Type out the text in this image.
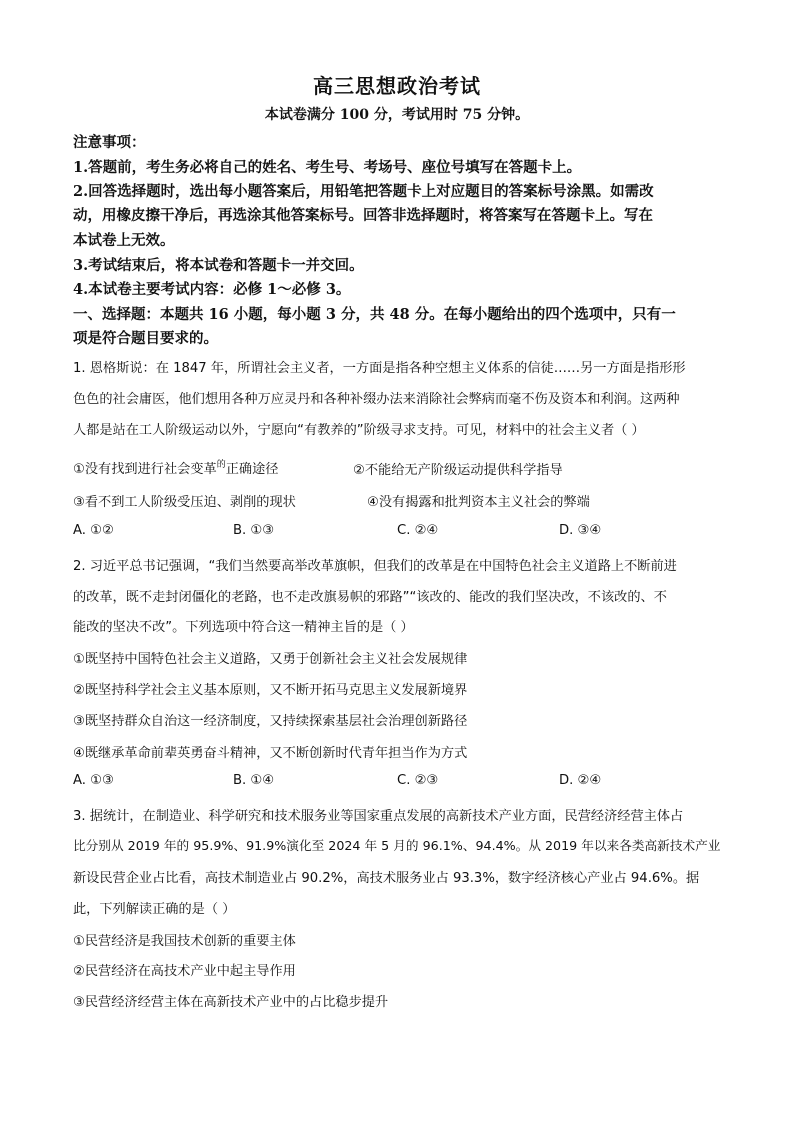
高三思想政治考试
本试卷满分 100 分，考试用时 75 分钟。
注意事项：
1.答题前，考生务必将自己的姓名、考生号、考场号、座位号填写在答题卡上。
2.回答选择题时，选出每小题答案后，用铅笔把答题卡上对应题目的答案标号涂黑。如需改
动，用橡皮擦干净后，再选涂其他答案标号。回答非选择题时，将答案写在答题卡上。写在
本试卷上无效。
3.考试结束后，将本试卷和答题卡一并交回。
4.本试卷主要考试内容：必修 1～必修 3。
一、选择题：本题共 16 小题，每小题 3 分，共 48 分。在每小题给出的四个选项中，只有一
项是符合题目要求的。
1. 恩格斯说：在 1847 年，所谓社会主义者，一方面是指各种空想主义体系的信徒……另一方面是指形形
色色的社会庸医，他们想用各种万应灵丹和各种补缀办法来消除社会弊病而毫不伤及资本和利润。这两种
人都是站在工人阶级运动以外，宁愿向“有教养的”阶级寻求支持。可见，材料中的社会主义者（ ）
①没有找到进行社会变革$^的$正确途径	②不能给无产阶级运动提供科学指导
③看不到工人阶级受压迫、剥削的现状	④没有揭露和批判资本主义社会的弊端
A. ①②	B. ①③	C. ②④	D. ③④
2. 习近平总书记强调，“我们当然要高举改革旗帜，但我们的改革是在中国特色社会主义道路上不断前进
的改革，既不走封闭僵化的老路，也不走改旗易帜的邪路”“该改的、能改的我们坚决改，不该改的、不
能改的坚决不改”。下列选项中符合这一精神主旨的是（ ）
①既坚持中国特色社会主义道路，又勇于创新社会主义社会发展规律
②既坚持科学社会主义基本原则，又不断开拓马克思主义发展新境界
③既坚持群众自治这一经济制度，又持续探索基层社会治理创新路径
④既继承革命前辈英勇奋斗精神，又不断创新时代青年担当作为方式
A. ①③	B. ①④	C. ②③	D. ②④
3. 据统计，在制造业、科学研究和技术服务业等国家重点发展的高新技术产业方面，民营经济经营主体占
比分别从 2019 年的 95.9%、91.9%演化至 2024 年 5 月的 96.1%、94.4%。从 2019 年以来各类高新技术产业
新设民营企业占比看，高技术制造业占 90.2%，高技术服务业占 93.3%，数字经济核心产业占 94.6%。据
此，下列解读正确的是（ ）
①民营经济是我国技术创新的重要主体
②民营经济在高技术产业中起主导作用
③民营经济经营主体在高新技术产业中的占比稳步提升
